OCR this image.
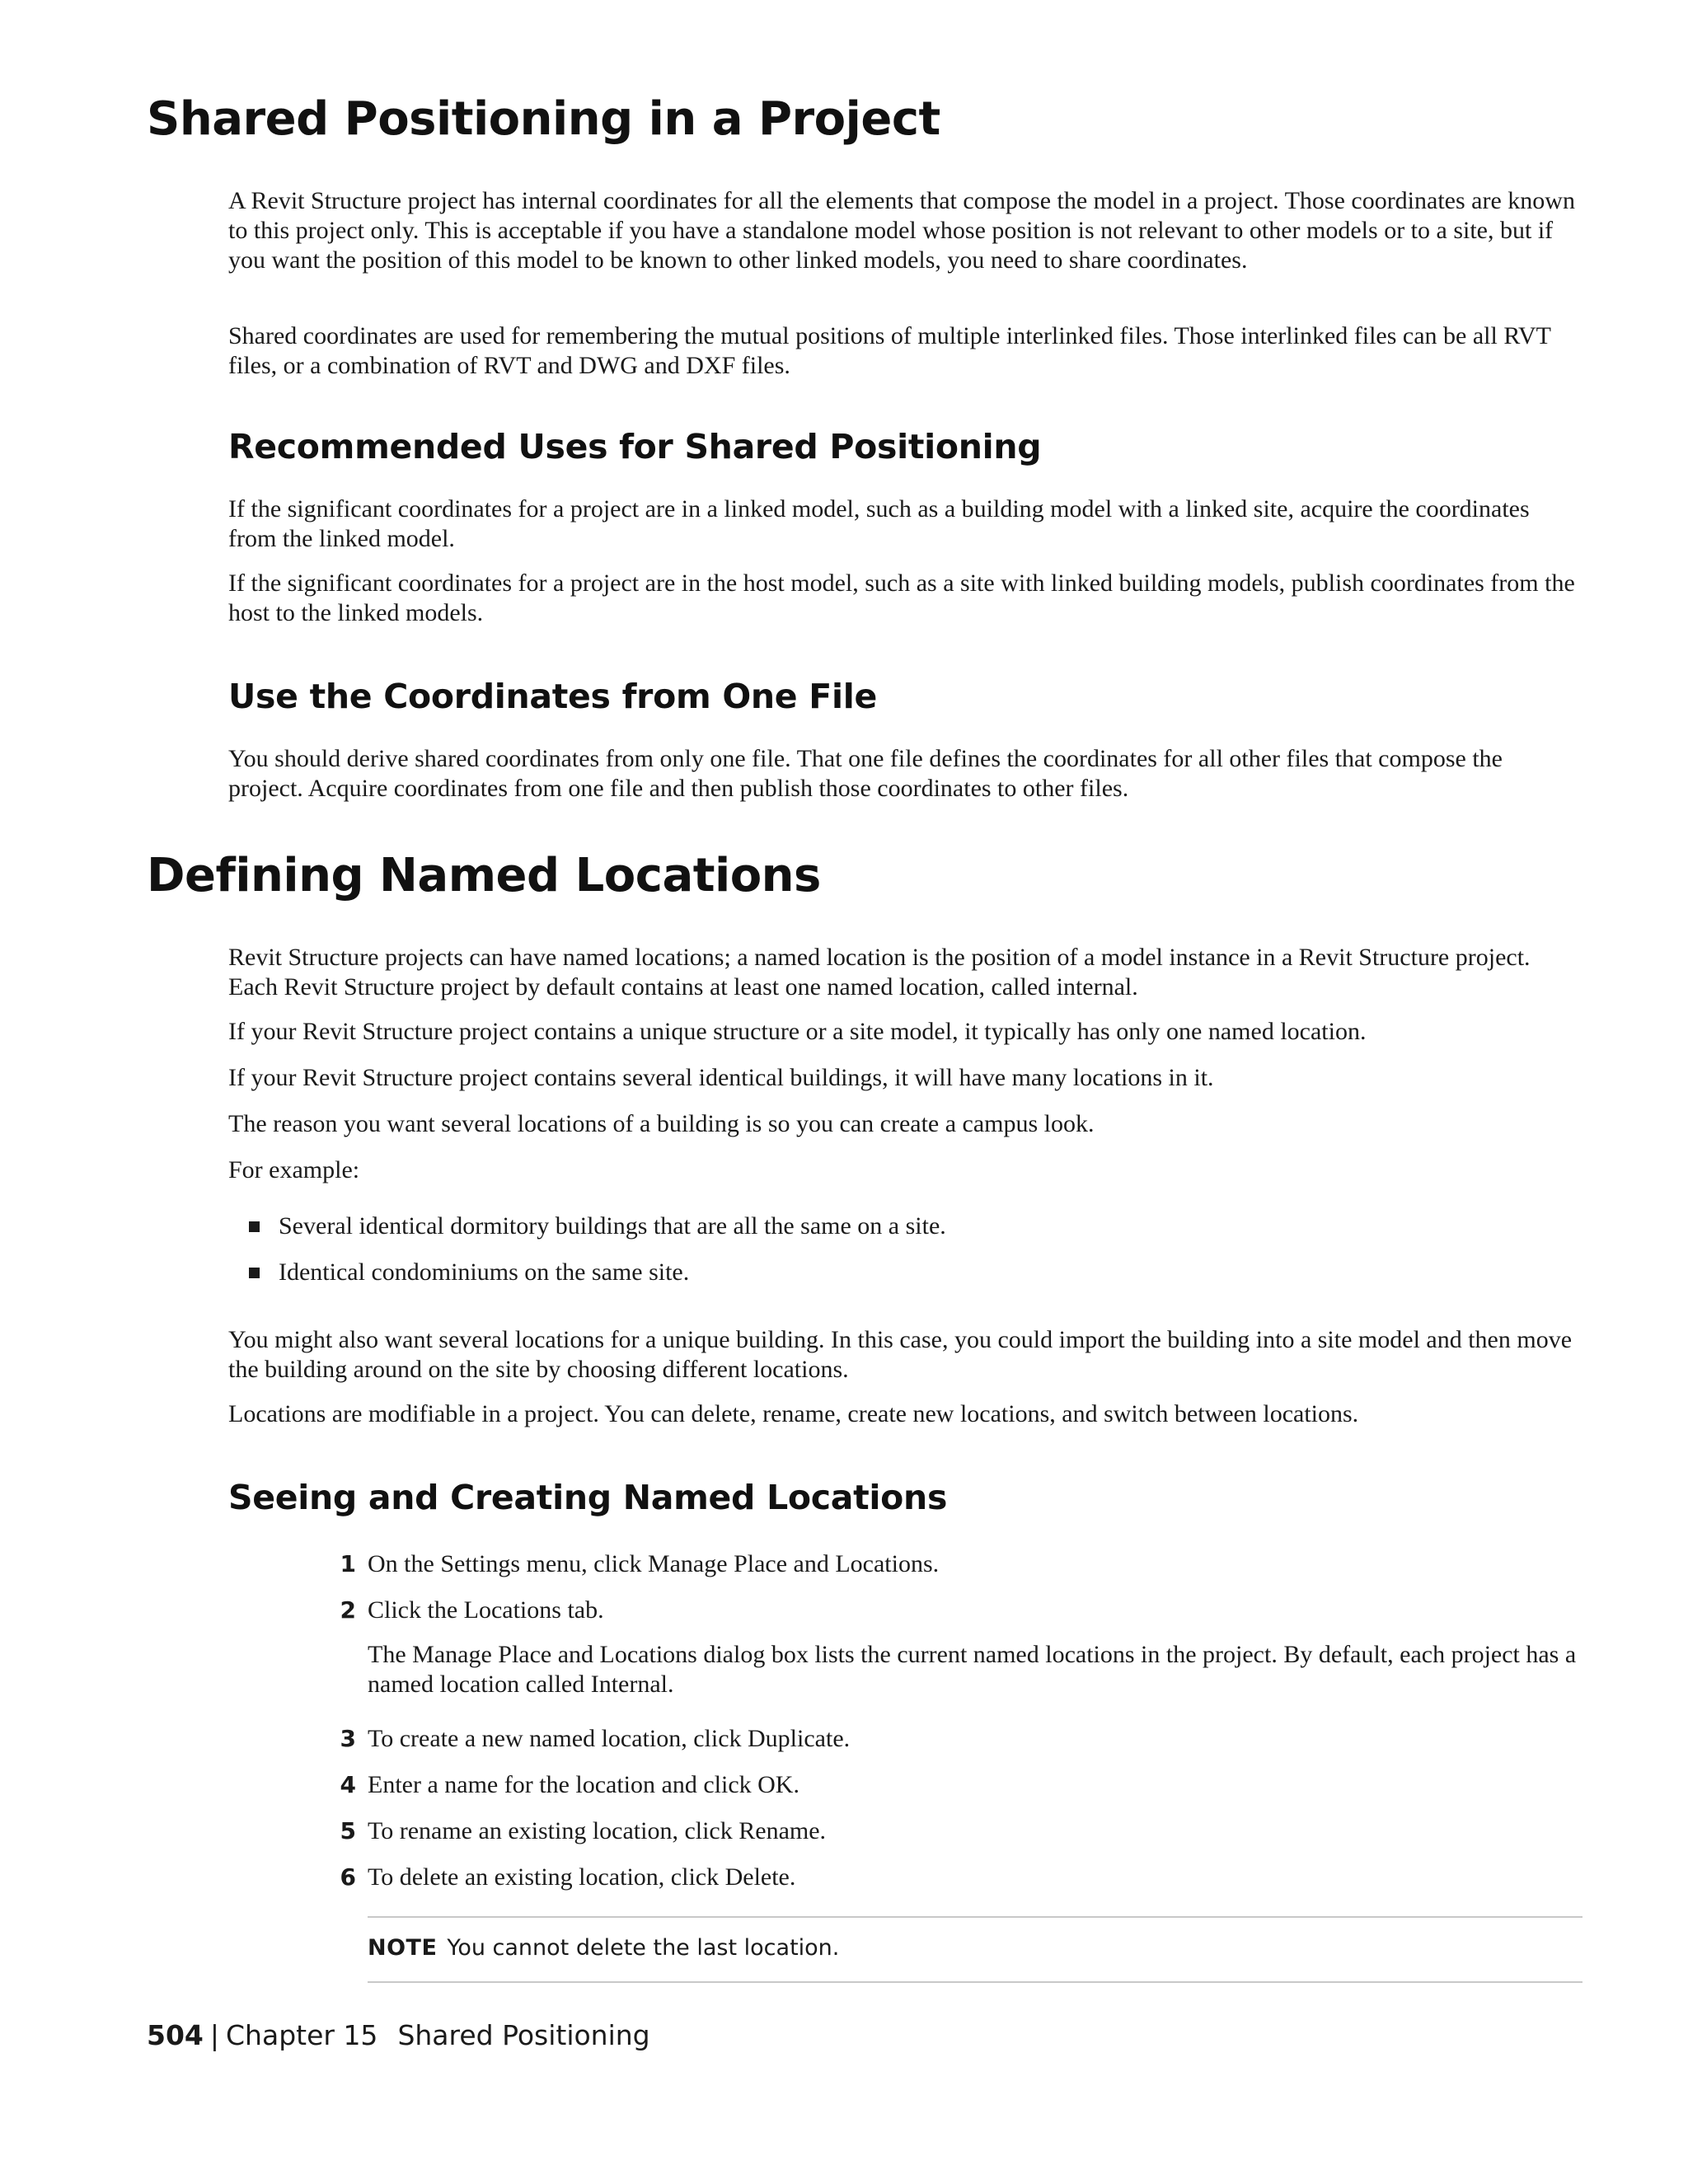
Shared Positioning in a Project

A Revit Structure project has internal coordinates for all the elements that compose the model in a project. Those coordinates are known to this project only. This is acceptable if you have a standalone model whose position is not relevant to other models or to a site, but if you want the position of this model to be known to other linked models, you need to share coordinates.

Shared coordinates are used for remembering the mutual positions of multiple interlinked files. Those interlinked files can be all RVT files, or a combination of RVT and DWG and DXF files.

Recommended Uses for Shared Positioning

If the significant coordinates for a project are in a linked model, such as a building model with a linked site, acquire the coordinates from the linked model.

If the significant coordinates for a project are in the host model, such as a site with linked building models, publish coordinates from the host to the linked models.

Use the Coordinates from One File

You should derive shared coordinates from only one file. That one file defines the coordinates for all other files that compose the project. Acquire coordinates from one file and then publish those coordinates to other files.

Defining Named Locations

Revit Structure projects can have named locations; a named location is the position of a model instance in a Revit Structure project. Each Revit Structure project by default contains at least one named location, called internal.

If your Revit Structure project contains a unique structure or a site model, it typically has only one named location.

If your Revit Structure project contains several identical buildings, it will have many locations in it.

The reason you want several locations of a building is so you can create a campus look.

For example:

Several identical dormitory buildings that are all the same on a site.
Identical condominiums on the same site.

You might also want several locations for a unique building. In this case, you could import the building into a site model and then move the building around on the site by choosing different locations.

Locations are modifiable in a project. You can delete, rename, create new locations, and switch between locations.

Seeing and Creating Named Locations
1 On the Settings menu, click Manage Place and Locations.
2 Click the Locations tab.
The Manage Place and Locations dialog box lists the current named locations in the project. By default, each project has a named location called Internal.
3 To create a new named location, click Duplicate.
4 Enter a name for the location and click OK.
5 To rename an existing location, click Rename.
6 To delete an existing location, click Delete.

NOTE You cannot delete the last location.

504 | Chapter 15 Shared Positioning
